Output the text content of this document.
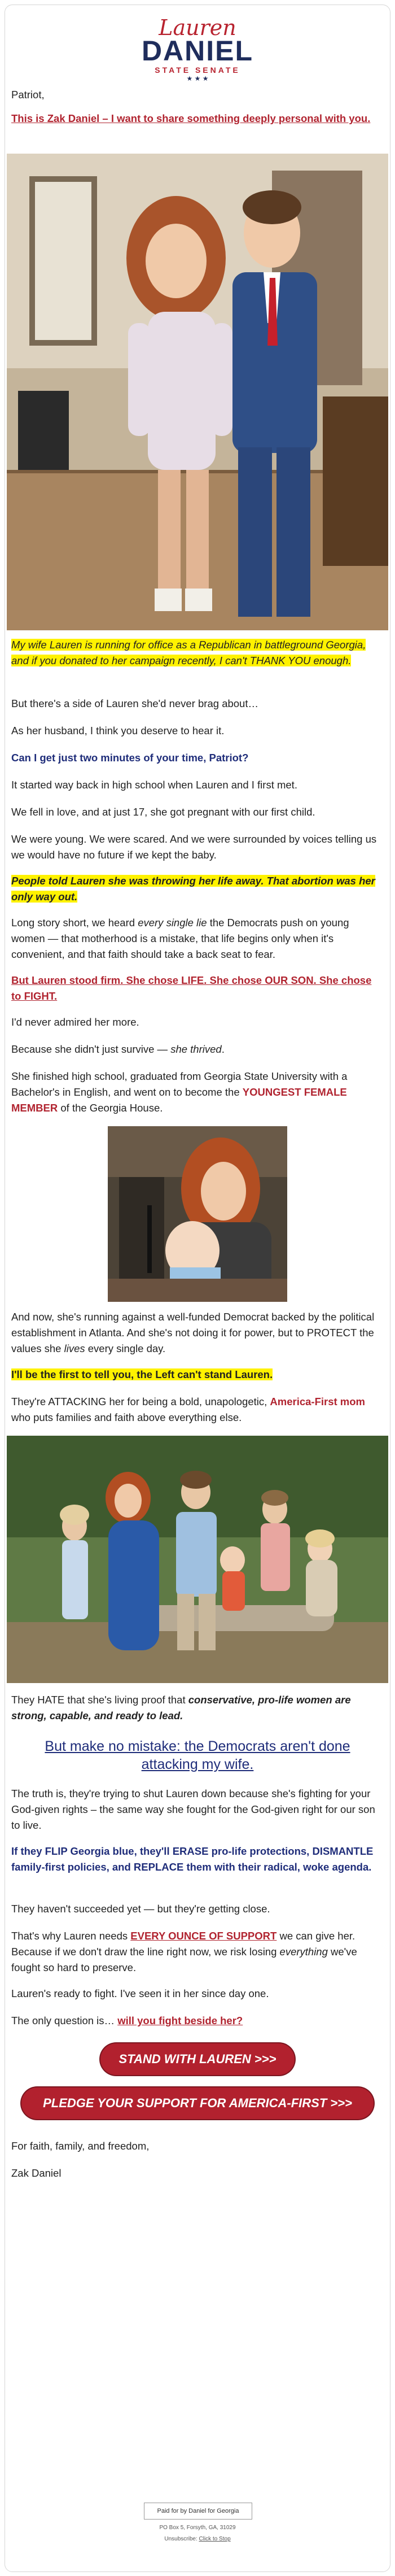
Lauren
DANIEL
STATE SENATE
★ ★ ★
Patriot,
This is Zak Daniel – I want to share something deeply personal with you.
My wife Lauren is running for office as a Republican in battleground Georgia, and if you donated to her campaign recently, I can't THANK YOU enough.
But there's a side of Lauren she'd never brag about…
As her husband, I think you deserve to hear it.
Can I get just two minutes of your time, Patriot?
It started way back in high school when Lauren and I first met.
We fell in love, and at just 17, she got pregnant with our first child.
We were young. We were scared. And we were surrounded by voices telling us we would have no future if we kept the baby.
People told Lauren she was throwing her life away. That abortion was her only way out.
Long story short, we heard every single lie the Democrats push on young women — that motherhood is a mistake, that life begins only when it's convenient, and that faith should take a back seat to fear.
But Lauren stood firm. She chose LIFE. She chose OUR SON. She chose to FIGHT.
I'd never admired her more.
Because she didn't just survive — she thrived.
She finished high school, graduated from Georgia State University with a Bachelor's in English, and went on to become the YOUNGEST FEMALE MEMBER of the Georgia House.
And now, she's running against a well-funded Democrat backed by the political establishment in Atlanta. And she's not doing it for power, but to PROTECT the values she lives every single day.
I'll be the first to tell you, the Left can't stand Lauren.
They're ATTACKING her for being a bold, unapologetic, America-First mom who puts families and faith above everything else.
They HATE that she's living proof that conservative, pro-life women are strong, capable, and ready to lead.
But make no mistake: the Democrats aren't done attacking my wife.
The truth is, they're trying to shut Lauren down because she's fighting for your God-given rights – the same way she fought for the God-given right for our son to live.
If they FLIP Georgia blue, they'll ERASE pro-life protections, DISMANTLE family-first policies, and REPLACE them with their radical, woke agenda.
They haven't succeeded yet — but they're getting close.
That's why Lauren needs EVERY OUNCE OF SUPPORT we can give her. Because if we don't draw the line right now, we risk losing everything we've fought so hard to preserve.
Lauren's ready to fight. I've seen it in her since day one.
The only question is… will you fight beside her?
STAND WITH LAUREN >>>
PLEDGE YOUR SUPPORT FOR AMERICA-FIRST >>>
For faith, family, and freedom,
Zak Daniel
Paid for by Daniel for Georgia
PO Box 5, Forsyth, GA, 31029
Unsubscribe: Click to Stop
